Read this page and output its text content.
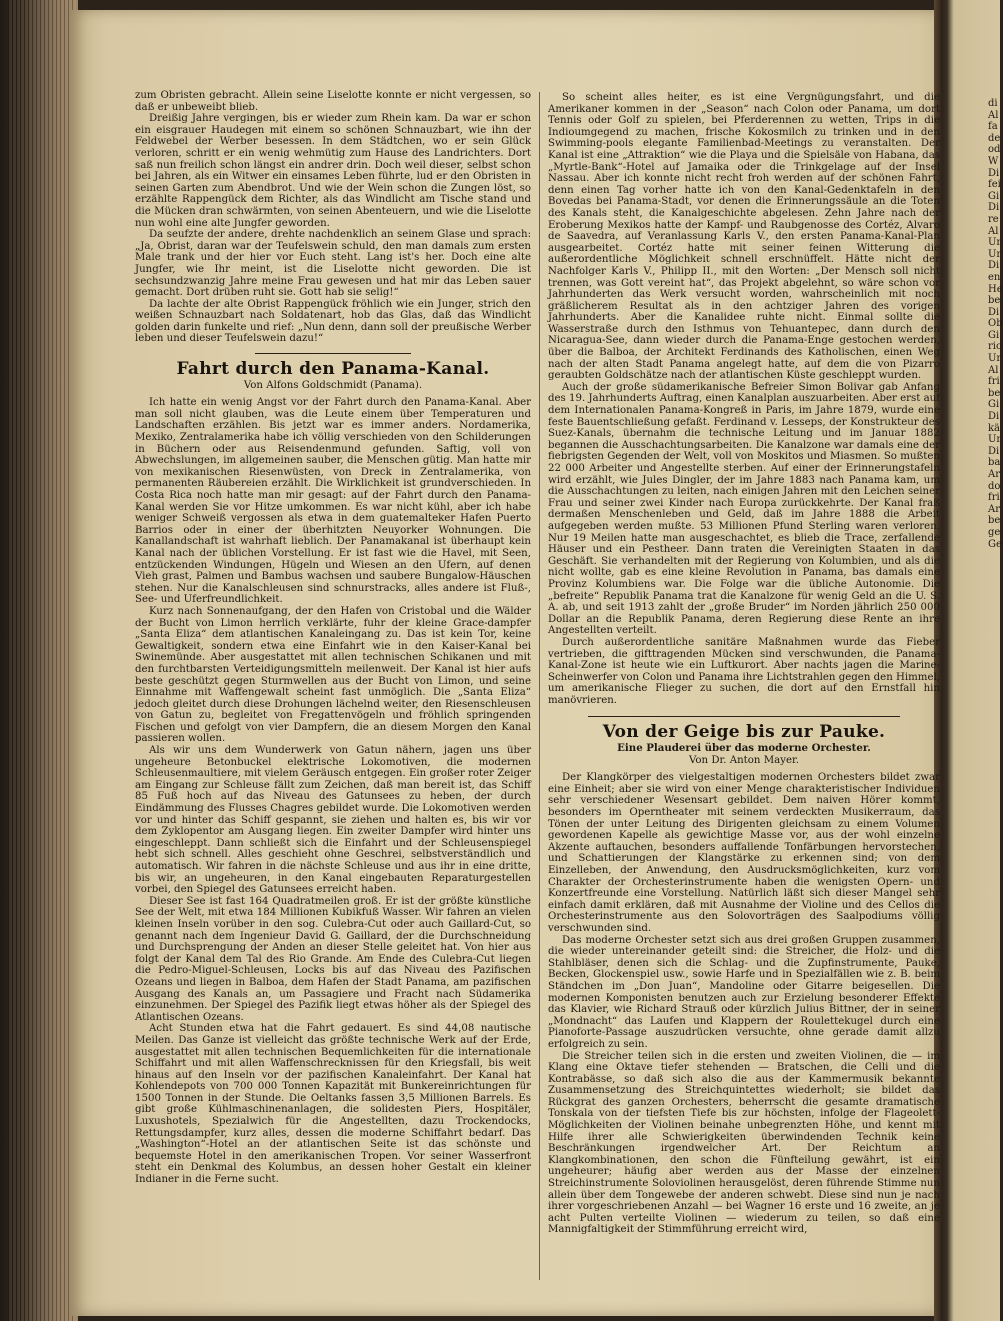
zum Obristen gebracht. Allein seine Liselotte konnte er nicht vergessen, so daß er unbeweibt blieb.

Dreißig Jahre vergingen, bis er wieder zum Rhein kam. Da war er schon ein eisgrauer Haudegen mit einem so schönen Schnauzbart, wie ihn der Feldwebel der Werber besessen. In dem Städtchen, wo er sein Glück verloren, schritt er ein wenig wehmütig zum Hause des Landrichters. Dort saß nun freilich schon längst ein andrer drin. Doch weil dieser, selbst schon bei Jahren, als ein Witwer ein einsames Leben führte, lud er den Obristen in seinen Garten zum Abendbrot. Und wie der Wein schon die Zungen löst, so erzählte Rappengück dem Richter, als das Windlicht am Tische stand und die Mücken dran schwärmten, von seinen Abenteuern, und wie die Liselotte nun wohl eine alte Jungfer geworden.

Da seufzte der andere, drehte nachdenklich an seinem Glase und sprach: „Ja, Obrist, daran war der Teufelswein schuld, den man damals zum ersten Male trank und der hier vor Euch steht. Lang ist's her. Doch eine alte Jungfer, wie Ihr meint, ist die Liselotte nicht geworden. Die ist sechsundzwanzig Jahre meine Frau gewesen und hat mir das Leben sauer gemacht. Dort drüben ruht sie. Gott hab sie selig!“

Da lachte der alte Obrist Rappengück fröhlich wie ein Junger, strich den weißen Schnauzbart nach Soldatenart, hob das Glas, daß das Windlicht golden darin funkelte und rief: „Nun denn, dann soll der preußische Werber leben und dieser Teufelswein dazu!“

Fahrt durch den Panama-Kanal.
Von Alfons Goldschmidt (Panama).

Ich hatte ein wenig Angst vor der Fahrt durch den Panama-Kanal. Aber man soll nicht glauben, was die Leute einem über Temperaturen und Landschaften erzählen. Bis jetzt war es immer anders. Nordamerika, Mexiko, Zentralamerika habe ich völlig verschieden von den Schilderungen in Büchern oder aus Reisendenmund gefunden. Saftig, voll von Abwechslungen, im allgemeinen sauber, die Menschen gütig. Man hatte mir von mexikanischen Riesenwüsten, von Dreck in Zentralamerika, von permanenten Räubereien erzählt. Die Wirklichkeit ist grundverschieden. In Costa Rica noch hatte man mir gesagt: auf der Fahrt durch den Panama-Kanal werden Sie vor Hitze umkommen. Es war nicht kühl, aber ich habe weniger Schweiß vergossen als etwa in dem guatemalteker Hafen Puerto Barrios oder in einer der überhitzten Neuyorker Wohnungen. Die Kanallandschaft ist wahrhaft lieblich. Der Panamakanal ist überhaupt kein Kanal nach der üblichen Vorstellung. Er ist fast wie die Havel, mit Seen, entzückenden Windungen, Hügeln und Wiesen an den Ufern, auf denen Vieh grast, Palmen und Bambus wachsen und saubere Bungalow-Häuschen stehen. Nur die Kanalschleusen sind schnurstracks, alles andere ist Fluß-, See- und Uferfreundlichkeit.

Kurz nach Sonnenaufgang, der den Hafen von Cristobal und die Wälder der Bucht von Limon herrlich verklärte, fuhr der kleine Grace-dampfer „Santa Eliza“ dem atlantischen Kanaleingang zu. Das ist kein Tor, keine Gewaltigkeit, sondern etwa eine Einfahrt wie in den Kaiser-Kanal bei Swinemünde. Aber ausgestattet mit allen technischen Schikanen und mit den furchtbarsten Verteidigungsmitteln meilenweit. Der Kanal ist hier aufs beste geschützt gegen Sturmwellen aus der Bucht von Limon, und seine Einnahme mit Waffengewalt scheint fast unmöglich. Die „Santa Eliza“ jedoch gleitet durch diese Drohungen lächelnd weiter, den Riesenschleusen von Gatun zu, begleitet von Fregattenvögeln und fröhlich springenden Fischen und gefolgt von vier Dampfern, die an diesem Morgen den Kanal passieren wollen.

Als wir uns dem Wunderwerk von Gatun nähern, jagen uns über ungeheure Betonbuckel elektrische Lokomotiven, die modernen Schleusenmaultiere, mit vielem Geräusch entgegen. Ein großer roter Zeiger am Eingang zur Schleuse fällt zum Zeichen, daß man bereit ist, das Schiff 85 Fuß hoch auf das Niveau des Gatunsees zu heben, der durch Eindämmung des Flusses Chagres gebildet wurde. Die Lokomotiven werden vor und hinter das Schiff gespannt, sie ziehen und halten es, bis wir vor dem Zyklopentor am Ausgang liegen. Ein zweiter Dampfer wird hinter uns eingeschleppt. Dann schließt sich die Einfahrt und der Schleusenspiegel hebt sich schnell. Alles geschieht ohne Geschrei, selbstverständlich und automatisch. Wir fahren in die nächste Schleuse und aus ihr in eine dritte, bis wir, an ungeheuren, in den Kanal eingebauten Reparaturgestellen vorbei, den Spiegel des Gatunsees erreicht haben.

Dieser See ist fast 164 Quadratmeilen groß. Er ist der größte künstliche See der Welt, mit etwa 184 Millionen Kubikfuß Wasser. Wir fahren an vielen kleinen Inseln vorüber in den sog. Culebra-Cut oder auch Gaillard-Cut, so genannt nach dem Ingenieur David G. Gaillard, der die Durchschneidung und Durchsprengung der Anden an dieser Stelle geleitet hat. Von hier aus folgt der Kanal dem Tal des Rio Grande. Am Ende des Culebra-Cut liegen die Pedro-Miguel-Schleusen, Locks bis auf das Niveau des Pazifischen Ozeans und liegen in Balboa, dem Hafen der Stadt Panama, am pazifischen Ausgang des Kanals an, um Passagiere und Fracht nach Südamerika einzunehmen. Der Spiegel des Pazifik liegt etwas höher als der Spiegel des Atlantischen Ozeans.

Acht Stunden etwa hat die Fahrt gedauert. Es sind 44,08 nautische Meilen. Das Ganze ist vielleicht das größte technische Werk auf der Erde, ausgestattet mit allen technischen Bequemlichkeiten für die internationale Schiffahrt und mit allen Waffenschrecknissen für den Kriegsfall, bis weit hinaus auf den Inseln vor der pazifischen Kanaleinfahrt. Der Kanal hat Kohlendepots von 700 000 Tonnen Kapazität mit Bunkereinrichtungen für 1500 Tonnen in der Stunde. Die Oeltanks fassen 3,5 Millionen Barrels. Es gibt große Kühlmaschinenanlagen, die solidesten Piers, Hospitäler, Luxushotels, Spezialwich für die Angestellten, dazu Trockendocks, Rettungsdampfer, kurz alles, dessen die moderne Schiffahrt bedarf. Das „Washington“-Hotel an der atlantischen Seite ist das schönste und bequemste Hotel in den amerikanischen Tropen. Vor seiner Wasserfront steht ein Denkmal des Kolumbus, an dessen hoher Gestalt ein kleiner Indianer in die Ferne sucht.

So scheint alles heiter, es ist eine Vergnügungsfahrt, und die Amerikaner kommen in der „Season“ nach Colon oder Panama, um dort Tennis oder Golf zu spielen, bei Pferderennen zu wetten, Trips in die Indioumgegend zu machen, frische Kokosmilch zu trinken und in den Swimming-pools elegante Familienbad-Meetings zu veranstalten. Der Kanal ist eine „Attraktion“ wie die Playa und die Spielsäle von Habana, das „Myrtle-Bank“-Hotel auf Jamaika oder die Trinkgelage auf der Insel Nassau. Aber ich konnte nicht recht froh werden auf der schönen Fahrt, denn einen Tag vorher hatte ich von den Kanal-Gedenktafeln in den Bovedas bei Panama-Stadt, vor denen die Erinnerungssäule an die Toten des Kanals steht, die Kanalgeschichte abgelesen. Zehn Jahre nach der Eroberung Mexikos hatte der Kampf- und Raubgenosse des Cortéz, Alvaro de Saavedra, auf Veranlassung Karls V., den ersten Panama-Kanal-Plan ausgearbeitet. Cortéz hatte mit seiner feinen Witterung die außerordentliche Möglichkeit schnell erschnüffelt. Hätte nicht der Nachfolger Karls V., Philipp II., mit den Worten: „Der Mensch soll nicht trennen, was Gott vereint hat“, das Projekt abgelehnt, so wäre schon vor Jahrhunderten das Werk versucht worden, wahrscheinlich mit noch gräßlicherem Resultat als in den achtziger Jahren des vorigen Jahrhunderts. Aber die Kanalidee ruhte nicht. Einmal sollte die Wasserstraße durch den Isthmus von Tehuantepec, dann durch den Nicaragua-See, dann wieder durch die Panama-Enge gestochen werden, über die Balboa, der Architekt Ferdinands des Katholischen, einen Weg nach der alten Stadt Panama angelegt hatte, auf dem die von Pizarro geraubten Goldschätze nach der atlantischen Küste geschleppt wurden.

Auch der große südamerikanische Befreier Simon Bolivar gab Anfang des 19. Jahrhunderts Auftrag, einen Kanalplan auszuarbeiten. Aber erst auf dem Internationalen Panama-Kongreß in Paris, im Jahre 1879, wurde eine feste Bauentschließung gefaßt. Ferdinand v. Lesseps, der Konstrukteur des Suez-Kanals, übernahm die technische Leitung und im Januar 1882 begannen die Ausschachtungsarbeiten. Die Kanalzone war damals eine der fiebrigsten Gegenden der Welt, voll von Moskitos und Miasmen. So mußten 22 000 Arbeiter und Angestellte sterben. Auf einer der Erinnerungstafeln wird erzählt, wie Jules Dingler, der im Jahre 1883 nach Panama kam, um die Ausschachtungen zu leiten, nach einigen Jahren mit den Leichen seiner Frau und seiner zwei Kinder nach Europa zurückkehrte. Der Kanal fraß dermaßen Menschenleben und Geld, daß im Jahre 1888 die Arbeit aufgegeben werden mußte. 53 Millionen Pfund Sterling waren verloren. Nur 19 Meilen hatte man ausgeschachtet, es blieb die Trace, zerfallende Häuser und ein Pestheer. Dann traten die Vereinigten Staaten in das Geschäft. Sie verhandelten mit der Regierung von Kolumbien, und als die nicht wollte, gab es eine kleine Revolution in Panama, bas damals eine Provinz Kolumbiens war. Die Folge war die übliche Autonomie. Die „befreite“ Republik Panama trat die Kanalzone für wenig Geld an die U. S. A. ab, und seit 1913 zahlt der „große Bruder“ im Norden jährlich 250 000 Dollar an die Republik Panama, deren Regierung diese Rente an ihre Angestellten verteilt.

Durch außerordentliche sanitäre Maßnahmen wurde das Fieber vertrieben, die gifttragenden Mücken sind verschwunden, die Panama-Kanal-Zone ist heute wie ein Luftkurort. Aber nachts jagen die Marine-Scheinwerfer von Colon und Panama ihre Lichtstrahlen gegen den Himmel, um amerikanische Flieger zu suchen, die dort auf den Ernstfall hin manövrieren.

Von der Geige bis zur Pauke.
Eine Plauderei über das moderne Orchester.
Von Dr. Anton Mayer.

Der Klangkörper des vielgestaltigen modernen Orchesters bildet zwar eine Einheit; aber sie wird von einer Menge charakteristischer Individuen sehr verschiedener Wesensart gebildet. Dem naiven Hörer kommt, besonders im Operntheater mit seinem verdeckten Musikerraum, das Tönen der unter Leitung des Dirigenten gleichsam zu einem Volumen gewordenen Kapelle als gewichtige Masse vor, aus der wohl einzelne Akzente auftauchen, besonders auffallende Tonfärbungen hervorstechen, und Schattierungen der Klangstärke zu erkennen sind; von dem Einzelleben, der Anwendung, den Ausdrucksmöglichkeiten, kurz vom Charakter der Orchesterinstrumente haben die wenigsten Opern- und Konzertfreunde eine Vorstellung. Natürlich läßt sich dieser Mangel sehr einfach damit erklären, daß mit Ausnahme der Violine und des Cellos die Orchesterinstrumente aus den Solovorträgen des Saalpodiums völlig verschwunden sind.

Das moderne Orchester setzt sich aus drei großen Gruppen zusammen, die wieder untereinander geteilt sind: die Streicher, die Holz- und die Stahlbläser, denen sich die Schlag- und die Zupfinstrumente, Pauke, Becken, Glockenspiel usw., sowie Harfe und in Spezialfällen wie z. B. beim Ständchen im „Don Juan“, Mandoline oder Gitarre beigesellen. Die modernen Komponisten benutzen auch zur Erzielung besonderer Effekte das Klavier, wie Richard Strauß oder kürzlich Julius Bittner, der in seiner „Mondnacht“ das Laufen und Klappern der Roulettekugel durch eine Pianoforte-Passage auszudrücken versuchte, ohne gerade damit allzu erfolgreich zu sein.

Die Streicher teilen sich in die ersten und zweiten Violinen, die — im Klang eine Oktave tiefer stehenden — Bratschen, die Celli und die Kontrabässe, so daß sich also die aus der Kammermusik bekannte Zusammensetzung des Streichquintettes wiederholt; sie bildet das Rückgrat des ganzen Orchesters, beherrscht die gesamte dramatische Tonskala von der tiefsten Tiefe bis zur höchsten, infolge der Flageolett-Möglichkeiten der Violinen beinahe unbegrenzten Höhe, und kennt mit Hilfe ihrer alle Schwierigkeiten überwindenden Technik keine Beschränkungen irgendwelcher Art. Der Reichtum an Klangkombinationen, den schon die Fünfteilung gewährt, ist ein ungeheurer; häufig aber werden aus der Masse der einzelnen Streichinstrumente Soloviolinen herausgelöst, deren führende Stimme nun allein über dem Tongewebe der anderen schwebt. Diese sind nun je nach ihrer vorgeschriebenen Anzahl — bei Wagner 16 erste und 16 zweite, an je acht Pulten verteilte Violinen — wiederum zu teilen, so daß eine Mannigfaltigkeit der Stimmführung erreicht wird,

di
Al
fa
de
od
W
Di
fei
Gi
Di
re
Al
Ur
Ur
Di
en
He
be
Di
Ob
Gi
ric
Ur
Al
fri
be
Gi
Di
kä
Ur
Di
ba
Ar
do
fri
Ar
be
ge
Ge
